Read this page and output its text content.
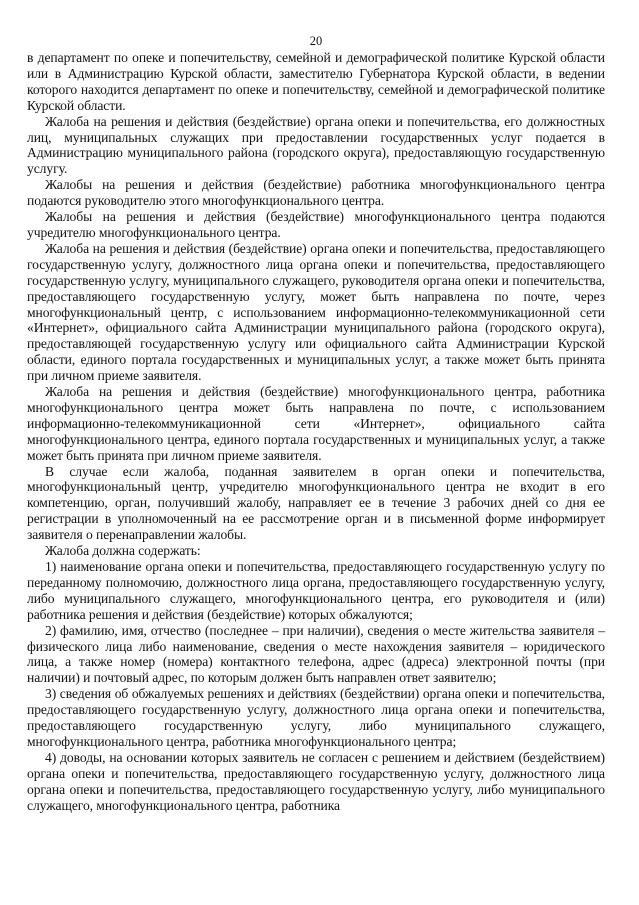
20

в департамент по опеке и попечительству, семейной и демографической политике Курской области или в Администрацию Курской области, заместителю Губернатора Курской области, в ведении которого находится департамент по опеке и попечительству, семейной и демографической политике Курской области.

Жалоба на решения и действия (бездействие) органа опеки и попечительства, его должностных лиц, муниципальных служащих при предоставлении государственных услуг подается в Администрацию муниципального района (городского округа), предоставляющую государственную услугу.

Жалобы на решения и действия (бездействие) работника многофункционального центра подаются руководителю этого многофункционального центра.

Жалобы на решения и действия (бездействие) многофункционального центра подаются учредителю многофункционального центра.

Жалоба на решения и действия (бездействие) органа опеки и попечительства, предоставляющего государственную услугу, должностного лица органа опеки и попечительства, предоставляющего государственную услугу, муниципального служащего, руководителя органа опеки и попечительства, предоставляющего государственную услугу, может быть направлена по почте, через многофункциональный центр, с использованием информационно-телекоммуникационной сети «Интернет», официального сайта Администрации муниципального района (городского округа), предоставляющей государственную услугу или официального сайта Администрации Курской области, единого портала государственных и муниципальных услуг, а также может быть принята при личном приеме заявителя.

Жалоба на решения и действия (бездействие) многофункционального центра, работника многофункционального центра может быть направлена по почте, с использованием информационно-телекоммуникационной сети «Интернет», официального сайта многофункционального центра, единого портала государственных и муниципальных услуг, а также может быть принята при личном приеме заявителя.

В случае если жалоба, поданная заявителем в орган опеки и попечительства, многофункциональный центр, учредителю многофункционального центра не входит в его компетенцию, орган, получивший жалобу, направляет ее в течение 3 рабочих дней со дня ее регистрации в уполномоченный на ее рассмотрение орган и в письменной форме информирует заявителя о перенаправлении жалобы.

Жалоба должна содержать:

1) наименование органа опеки и попечительства, предоставляющего государственную услугу по переданному полномочию, должностного лица органа, предоставляющего государственную услугу, либо муниципального служащего, многофункционального центра, его руководителя и (или) работника решения и действия (бездействие) которых обжалуются;

2) фамилию, имя, отчество (последнее – при наличии), сведения о месте жительства заявителя – физического лица либо наименование, сведения о месте нахождения заявителя – юридического лица, а также номер (номера) контактного телефона, адрес (адреса) электронной почты (при наличии) и почтовый адрес, по которым должен быть направлен ответ заявителю;

3) сведения об обжалуемых решениях и действиях (бездействии) органа опеки и попечительства, предоставляющего государственную услугу, должностного лица органа опеки и попечительства, предоставляющего государственную услугу, либо муниципального служащего, многофункционального центра, работника многофункционального центра;

4) доводы, на основании которых заявитель не согласен с решением и действием (бездействием) органа опеки и попечительства, предоставляющего государственную услугу, должностного лица органа опеки и попечительства, предоставляющего государственную услугу, либо муниципального служащего, многофункционального центра, работника
